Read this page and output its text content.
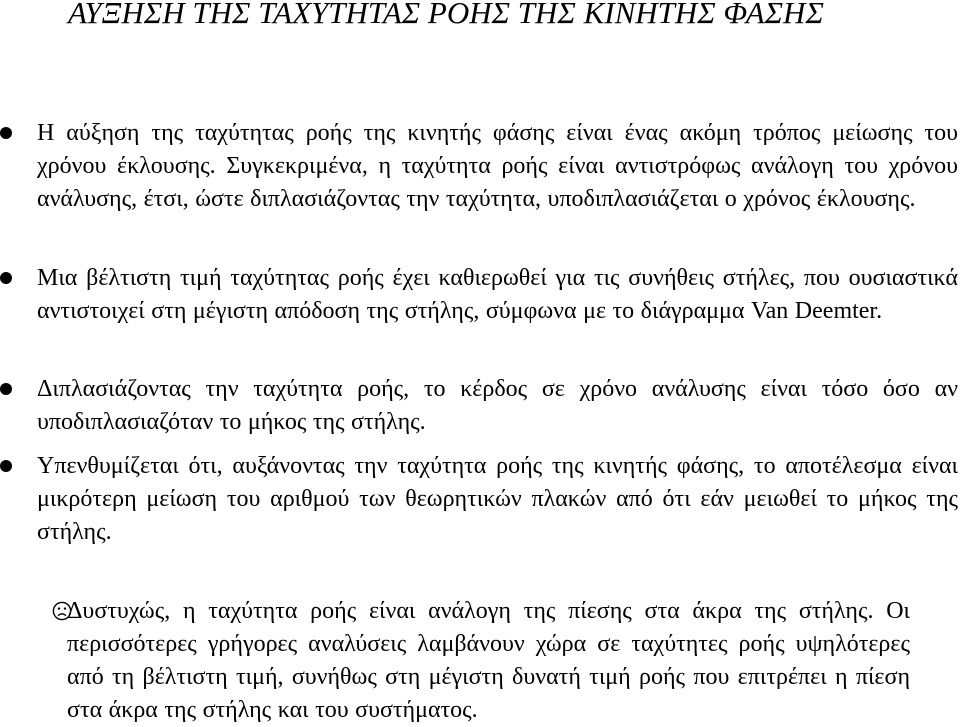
ΑΥΞΗΣΗ ΤΗΣ ΤΑΧΥΤΗΤΑΣ ΡΟΗΣ ΤΗΣ ΚΙΝΗΤΗΣ ΦΑΣΗΣ
Η αύξηση της ταχύτητας ροής της κινητής φάσης είναι ένας ακόμη τρόπος μείωσης του χρόνου έκλουσης. Συγκεκριμένα, η ταχύτητα ροής είναι αντιστρόφως ανάλογη του χρόνου ανάλυσης, έτσι, ώστε διπλασιάζοντας την ταχύτητα, υποδιπλασιάζεται ο χρόνος έκλουσης.
Μια βέλτιστη τιμή ταχύτητας ροής έχει καθιερωθεί για τις συνήθεις στήλες, που ουσιαστικά αντιστοιχεί στη μέγιστη απόδοση της στήλης, σύμφωνα με το διάγραμμα Van Deemter.
Διπλασιάζοντας την ταχύτητα ροής, το κέρδος σε χρόνο ανάλυσης είναι τόσο όσο αν υποδιπλασιαζόταν το μήκος της στήλης.
Υπενθυμίζεται ότι, αυξάνοντας την ταχύτητα ροής της κινητής φάσης, το αποτέλεσμα είναι μικρότερη μείωση του αριθμού των θεωρητικών πλακών από ότι εάν μειωθεί το μήκος της στήλης.
Δυστυχώς, η ταχύτητα ροής είναι ανάλογη της πίεσης στα άκρα της στήλης. Οι περισσότερες γρήγορες αναλύσεις λαμβάνουν χώρα σε ταχύτητες ροής υψηλότερες από τη βέλτιστη τιμή, συνήθως στη μέγιστη δυνατή τιμή ροής που επιτρέπει η πίεση στα άκρα της στήλης και του συστήματος.
